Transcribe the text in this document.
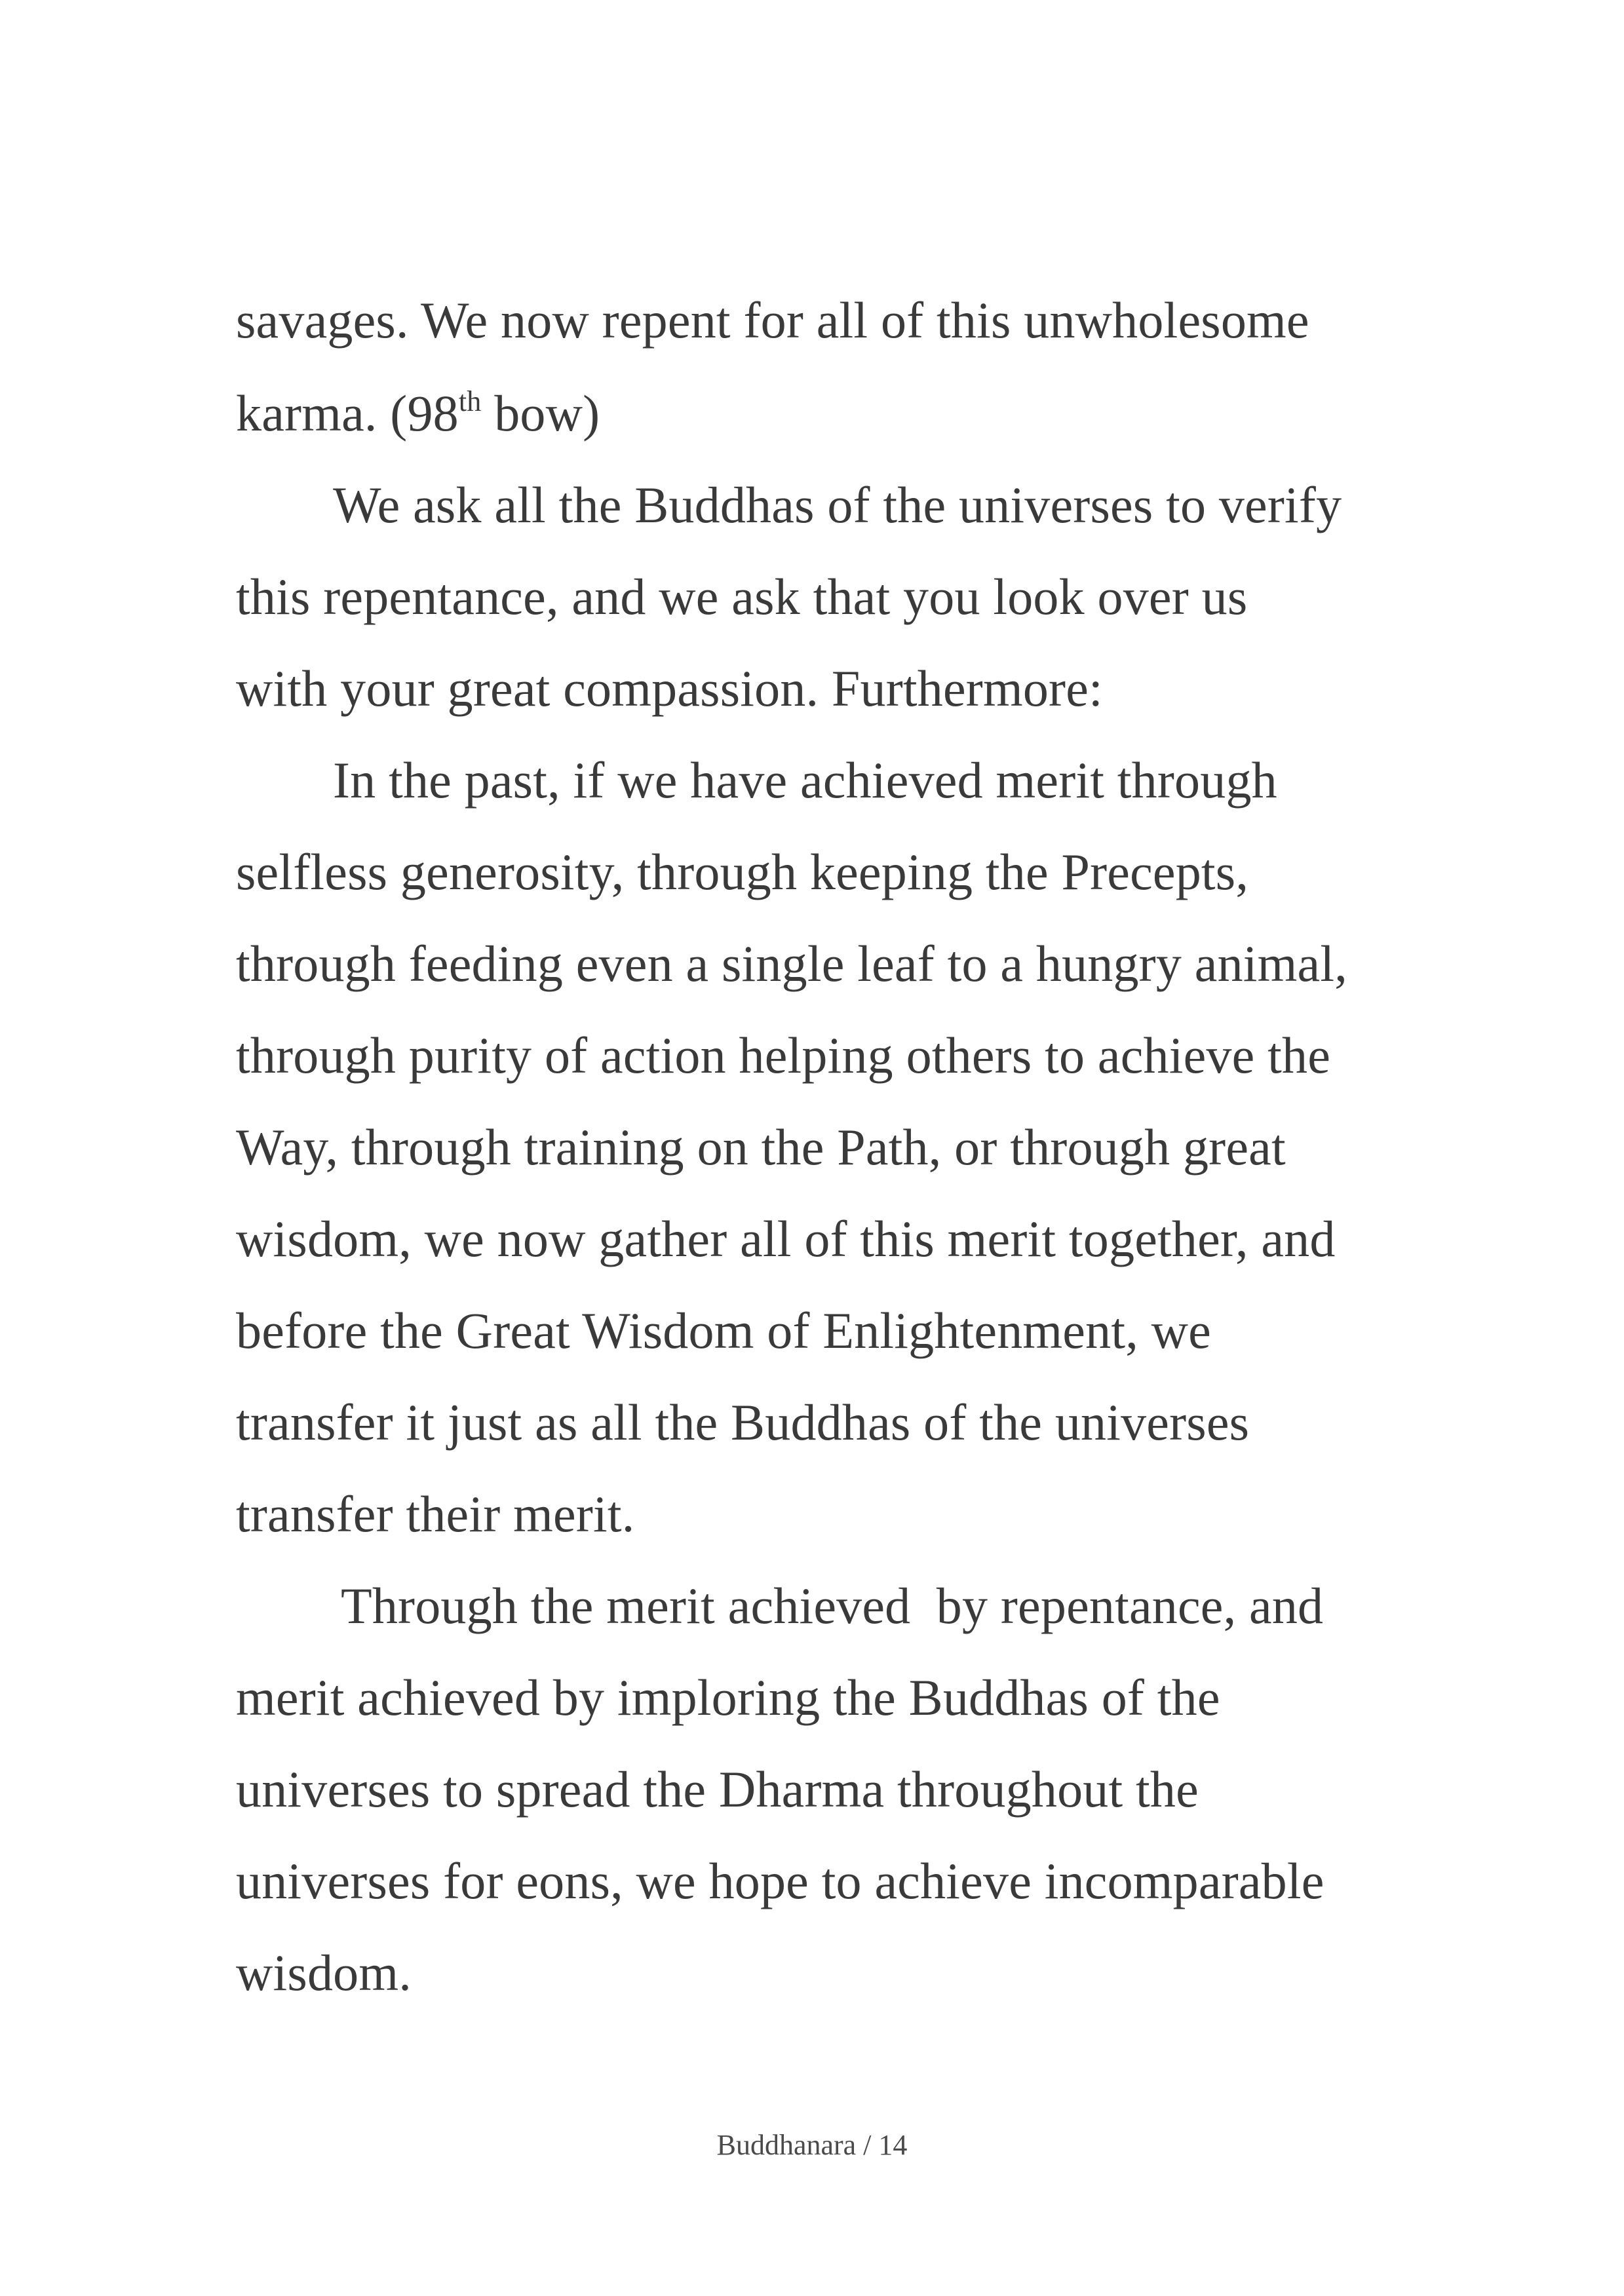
savages. We now repent for all of this unwholesome
karma. (98th bow)
We ask all the Buddhas of the universes to verify
this repentance, and we ask that you look over us
with your great compassion. Furthermore:
In the past, if we have achieved merit through
selfless generosity, through keeping the Precepts,
through feeding even a single leaf to a hungry animal,
through purity of action helping others to achieve the
Way, through training on the Path, or through great
wisdom, we now gather all of this merit together, and
before the Great Wisdom of Enlightenment, we
transfer it just as all the Buddhas of the universes
transfer their merit.
Through the merit achieved  by repentance, and
merit achieved by imploring the Buddhas of the
universes to spread the Dharma throughout the
universes for eons, we hope to achieve incomparable
wisdom.
Buddhanara / 14
